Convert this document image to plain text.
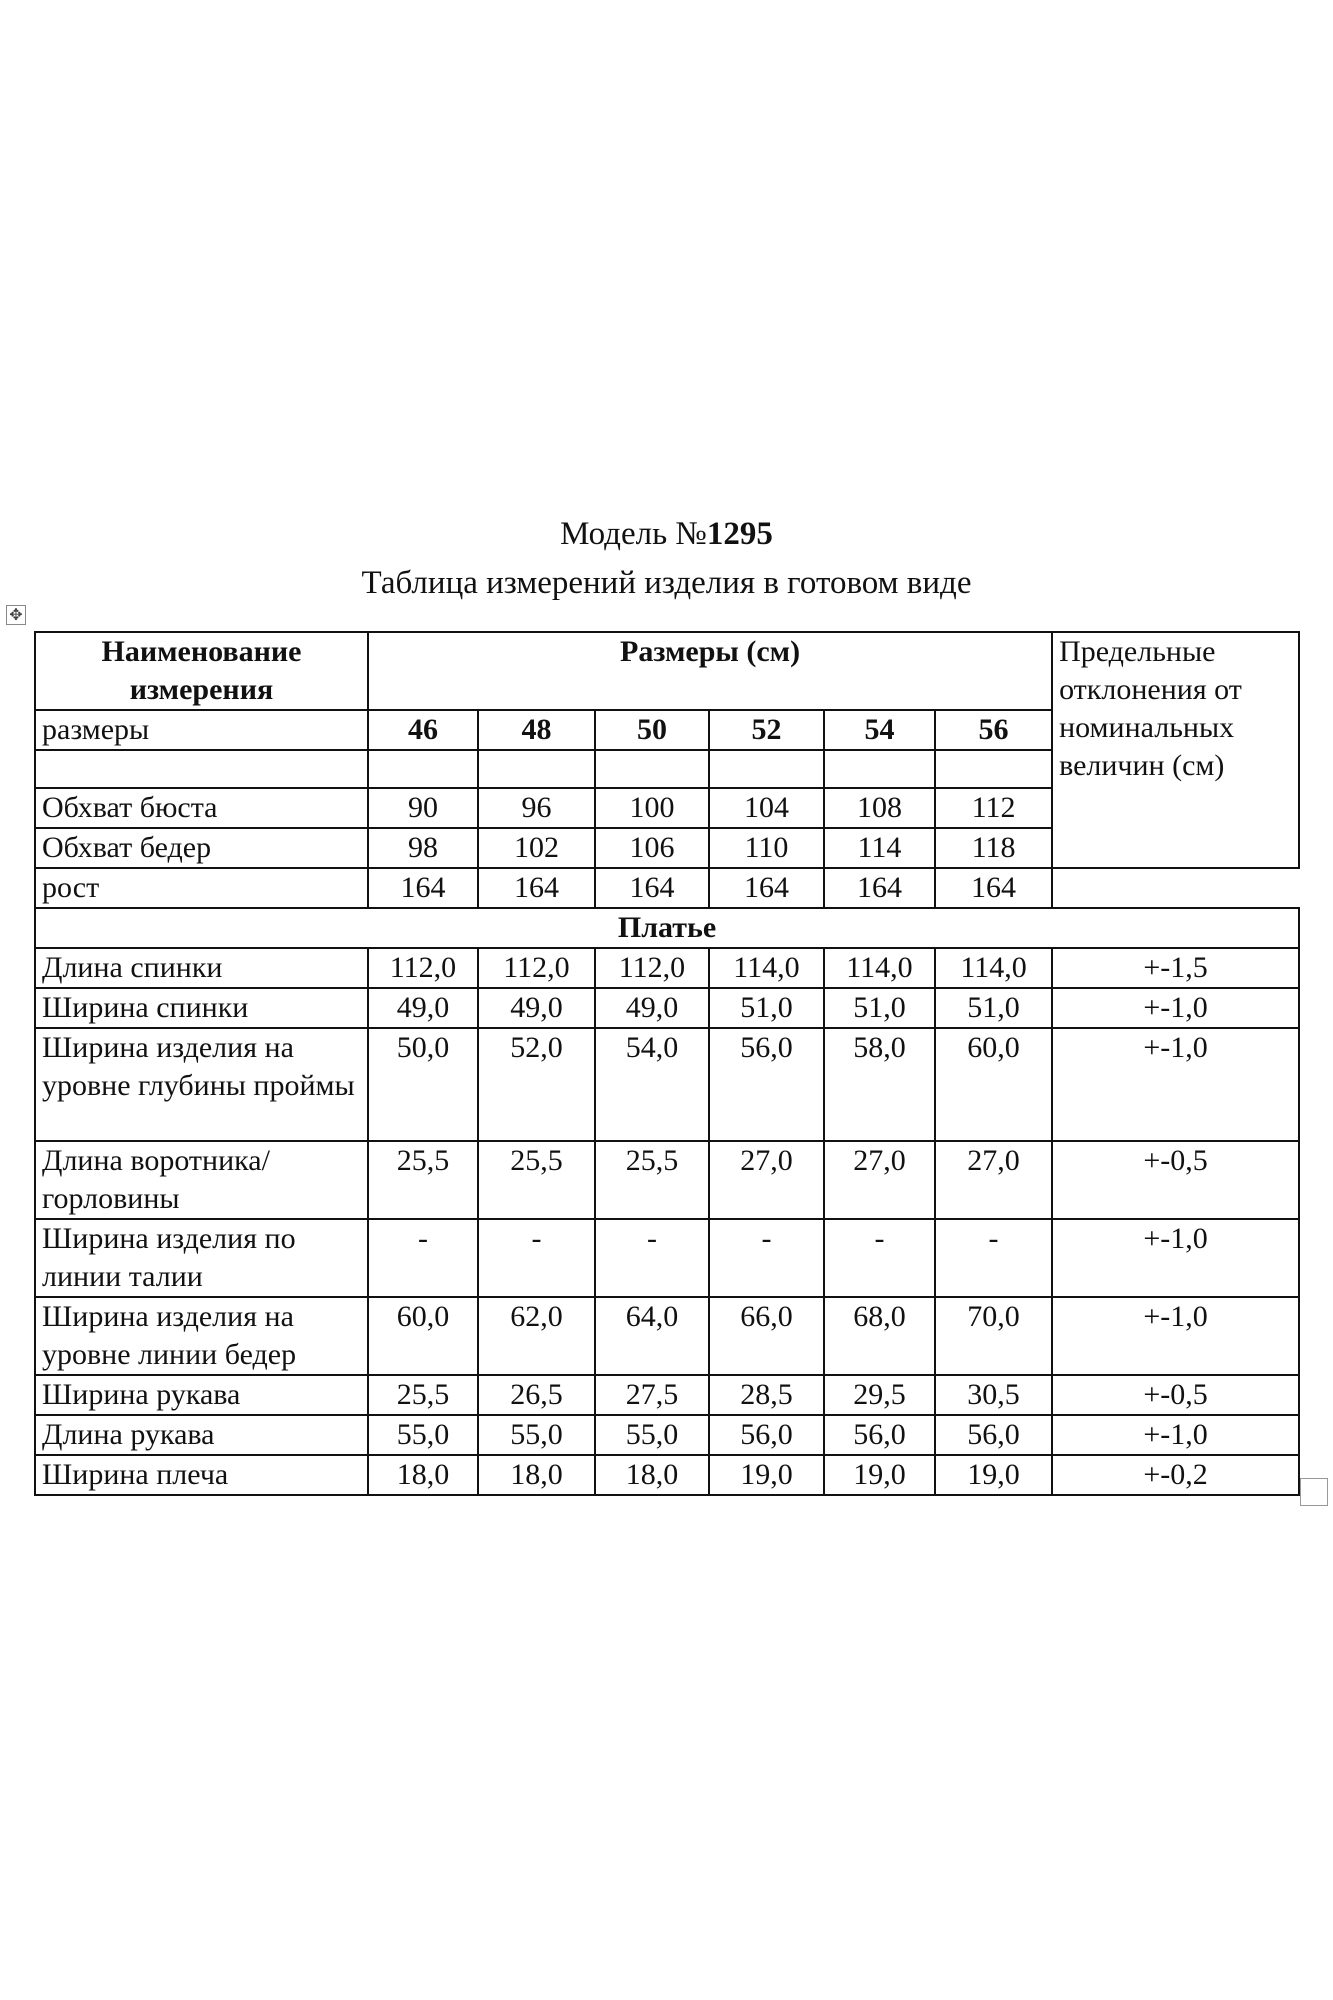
Модель №1295
Таблица измерений изделия в готовом виде
✥
Наименование измерения	Размеры (см)						Предельные отклонения от номинальных величин (см)
размеры	46	48	50	52	54	56	

Обхват бюста	90	96	100	104	108	112	
Обхват бедер	98	102	106	110	114	118	
рост	164	164	164	164	164	164	
Платье							
Длина спинки	112,0	112,0	112,0	114,0	114,0	114,0	+-1,5
Ширина спинки	49,0	49,0	49,0	51,0	51,0	51,0	+-1,0
Ширина изделия на уровне глубины проймы	50,0	52,0	54,0	56,0	58,0	60,0	+-1,0
Длина воротника/горловины	25,5	25,5	25,5	27,0	27,0	27,0	+-0,5
Ширина изделия по линии талии	-	-	-	-	-	-	+-1,0
Ширина изделия на уровне линии бедер	60,0	62,0	64,0	66,0	68,0	70,0	+-1,0
Ширина рукава	25,5	26,5	27,5	28,5	29,5	30,5	+-0,5
Длина рукава	55,0	55,0	55,0	56,0	56,0	56,0	+-1,0
Ширина плеча	18,0	18,0	18,0	19,0	19,0	19,0	+-0,2
